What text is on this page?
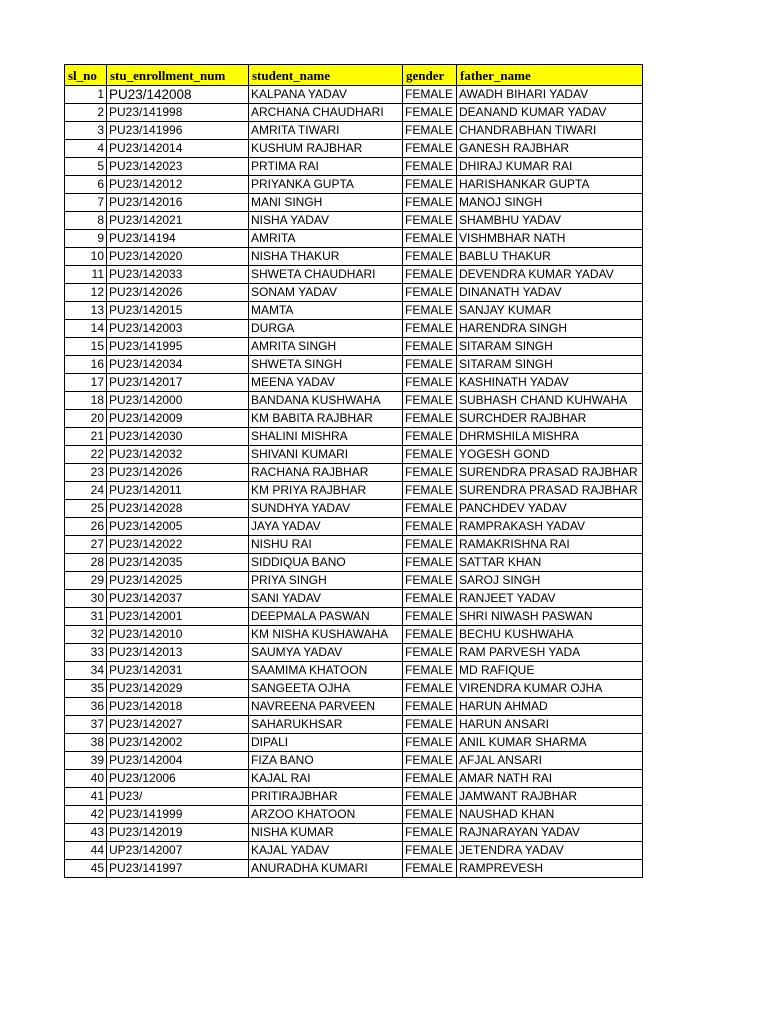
sl_no	stu_enrollment_num	student_name	gender	father_name
1	PU23/142008	KALPANA YADAV	FEMALE	AWADH BIHARI YADAV
2	PU23/141998	ARCHANA CHAUDHARI	FEMALE	DEANAND KUMAR YADAV
3	PU23/141996	AMRITA TIWARI	FEMALE	CHANDRABHAN TIWARI
4	PU23/142014	KUSHUM RAJBHAR	FEMALE	GANESH RAJBHAR
5	PU23/142023	PRTIMA RAI	FEMALE	DHIRAJ KUMAR RAI
6	PU23/142012	PRIYANKA GUPTA	FEMALE	HARISHANKAR GUPTA
7	PU23/142016	MANI SINGH	FEMALE	MANOJ SINGH
8	PU23/142021	NISHA YADAV	FEMALE	SHAMBHU YADAV
9	PU23/14194	AMRITA	FEMALE	VISHMBHAR NATH
10	PU23/142020	NISHA THAKUR	FEMALE	BABLU THAKUR
11	PU23/142033	SHWETA CHAUDHARI	FEMALE	DEVENDRA KUMAR YADAV
12	PU23/142026	SONAM YADAV	FEMALE	DINANATH YADAV
13	PU23/142015	MAMTA	FEMALE	SANJAY KUMAR
14	PU23/142003	DURGA	FEMALE	HARENDRA SINGH
15	PU23/141995	AMRITA SINGH	FEMALE	SITARAM SINGH
16	PU23/142034	SHWETA SINGH	FEMALE	SITARAM SINGH
17	PU23/142017	MEENA YADAV	FEMALE	KASHINATH YADAV
18	PU23/142000	BANDANA KUSHWAHA	FEMALE	SUBHASH CHAND KUHWAHA
20	PU23/142009	KM BABITA RAJBHAR	FEMALE	SURCHDER RAJBHAR
21	PU23/142030	SHALINI MISHRA	FEMALE	DHRMSHILA MISHRA
22	PU23/142032	SHIVANI KUMARI	FEMALE	YOGESH GOND
23	PU23/142026	RACHANA RAJBHAR	FEMALE	SURENDRA PRASAD RAJBHAR
24	PU23/142011	KM PRIYA RAJBHAR	FEMALE	SURENDRA PRASAD RAJBHAR
25	PU23/142028	SUNDHYA YADAV	FEMALE	PANCHDEV YADAV
26	PU23/142005	JAYA YADAV	FEMALE	RAMPRAKASH YADAV
27	PU23/142022	NISHU RAI	FEMALE	RAMAKRISHNA RAI
28	PU23/142035	SIDDIQUA BANO	FEMALE	SATTAR KHAN
29	PU23/142025	PRIYA SINGH	FEMALE	SAROJ SINGH
30	PU23/142037	SANI YADAV	FEMALE	RANJEET YADAV
31	PU23/142001	DEEPMALA PASWAN	FEMALE	SHRI NIWASH PASWAN
32	PU23/142010	KM NISHA KUSHAWAHA	FEMALE	BECHU KUSHWAHA
33	PU23/142013	SAUMYA YADAV	FEMALE	RAM PARVESH YADA
34	PU23/142031	SAAMIMA KHATOON	FEMALE	MD RAFIQUE
35	PU23/142029	SANGEETA OJHA	FEMALE	VIRENDRA KUMAR OJHA
36	PU23/142018	NAVREENA PARVEEN	FEMALE	HARUN AHMAD
37	PU23/142027	SAHARUKHSAR	FEMALE	HARUN ANSARI
38	PU23/142002	DIPALI	FEMALE	ANIL KUMAR SHARMA
39	PU23/142004	FIZA BANO	FEMALE	AFJAL ANSARI
40	PU23/12006	KAJAL RAI	FEMALE	AMAR NATH RAI
41	PU23/	PRITIRAJBHAR	FEMALE	JAMWANT RAJBHAR
42	PU23/141999	ARZOO KHATOON	FEMALE	NAUSHAD KHAN
43	PU23/142019	NISHA KUMAR	FEMALE	RAJNARAYAN YADAV
44	UP23/142007	KAJAL YADAV	FEMALE	JETENDRA YADAV
45	PU23/141997	ANURADHA KUMARI	FEMALE	RAMPREVESH
